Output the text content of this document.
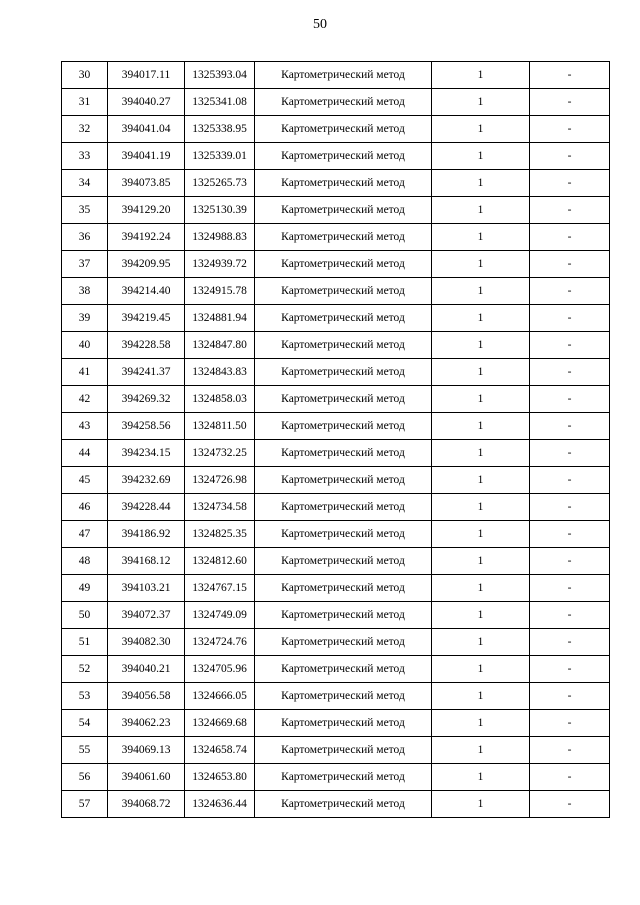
50
30	394017.11	1325393.04	Картометрический метод	1	-
31	394040.27	1325341.08	Картометрический метод	1	-
32	394041.04	1325338.95	Картометрический метод	1	-
33	394041.19	1325339.01	Картометрический метод	1	-
34	394073.85	1325265.73	Картометрический метод	1	-
35	394129.20	1325130.39	Картометрический метод	1	-
36	394192.24	1324988.83	Картометрический метод	1	-
37	394209.95	1324939.72	Картометрический метод	1	-
38	394214.40	1324915.78	Картометрический метод	1	-
39	394219.45	1324881.94	Картометрический метод	1	-
40	394228.58	1324847.80	Картометрический метод	1	-
41	394241.37	1324843.83	Картометрический метод	1	-
42	394269.32	1324858.03	Картометрический метод	1	-
43	394258.56	1324811.50	Картометрический метод	1	-
44	394234.15	1324732.25	Картометрический метод	1	-
45	394232.69	1324726.98	Картометрический метод	1	-
46	394228.44	1324734.58	Картометрический метод	1	-
47	394186.92	1324825.35	Картометрический метод	1	-
48	394168.12	1324812.60	Картометрический метод	1	-
49	394103.21	1324767.15	Картометрический метод	1	-
50	394072.37	1324749.09	Картометрический метод	1	-
51	394082.30	1324724.76	Картометрический метод	1	-
52	394040.21	1324705.96	Картометрический метод	1	-
53	394056.58	1324666.05	Картометрический метод	1	-
54	394062.23	1324669.68	Картометрический метод	1	-
55	394069.13	1324658.74	Картометрический метод	1	-
56	394061.60	1324653.80	Картометрический метод	1	-
57	394068.72	1324636.44	Картометрический метод	1	-
